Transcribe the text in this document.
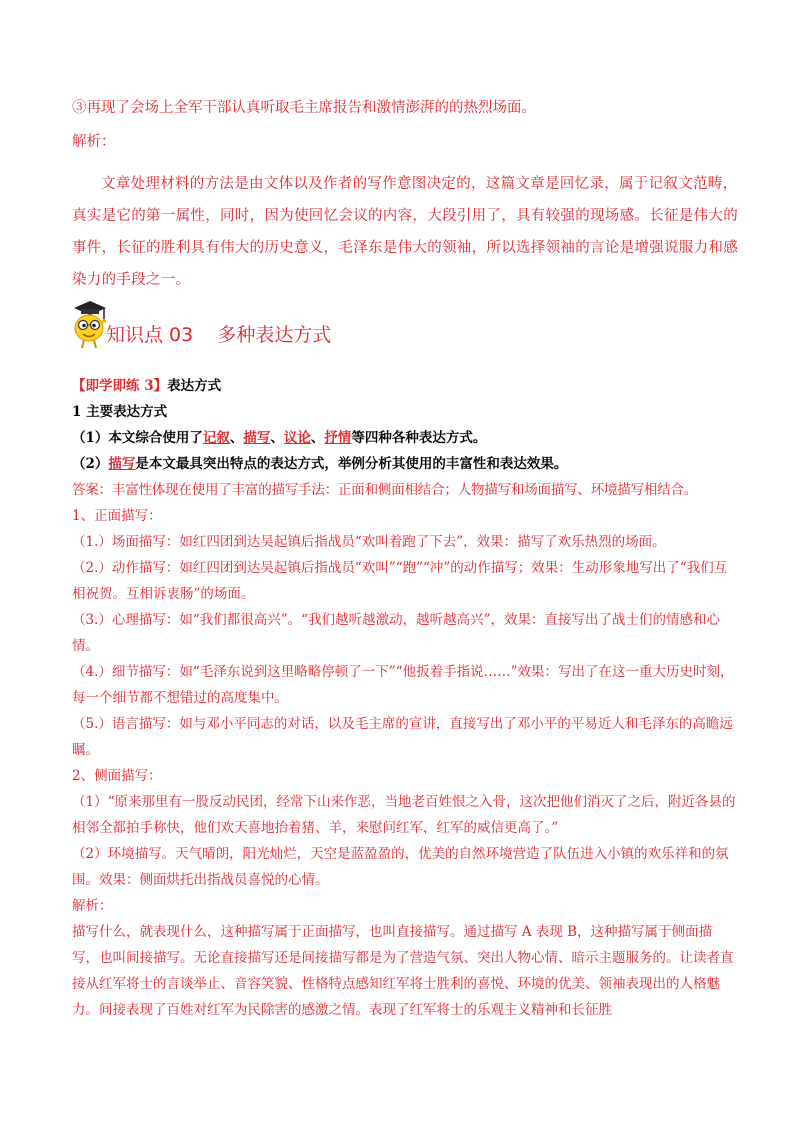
③再现了会场上全军干部认真听取毛主席报告和激情澎湃的的热烈场面。

解析：

文章处理材料的方法是由文体以及作者的写作意图决定的，这篇文章是回忆录，属于记叙文范畴，真实是它的第一属性，同时，因为使回忆会议的内容，大段引用了，具有较强的现场感。长征是伟大的事件，长征的胜利具有伟大的历史意义，毛泽东是伟大的领袖，所以选择领袖的言论是增强说服力和感染力的手段之一。

知识点 03    多种表达方式
【即学即练 3】表达方式
1 主要表达方式
（1）本文综合使用了记叙、描写、议论、抒情等四种各种表达方式。
（2）描写是本文最具突出特点的表达方式，举例分析其使用的丰富性和表达效果。
答案：丰富性体现在使用了丰富的描写手法：正面和侧面相结合；人物描写和场面描写、环境描写相结合。
1、正面描写：
（1.）场面描写：如红四团到达吴起镇后指战员“欢叫着跑了下去”，效果：描写了欢乐热烈的场面。
（2.）动作描写：如红四团到达吴起镇后指战员“欢叫”“跑”“冲”的动作描写；效果：生动形象地写出了“我们互相祝贺。互相诉衷肠”的场面。
（3.）心理描写：如“我们都很高兴”。“我们越听越激动，越听越高兴”，效果：直接写出了战士们的情感和心情。
（4.）细节描写：如“毛泽东说到这里略略停顿了一下”“他扳着手指说……”效果：写出了在这一重大历史时刻，每一个细节都不想错过的高度集中。
（5.）语言描写：如与邓小平同志的对话，以及毛主席的宣讲，直接写出了邓小平的平易近人和毛泽东的高瞻远瞩。
2、侧面描写：
（1）“原来那里有一股反动民团，经常下山来作恶，当地老百姓恨之入骨，这次把他们消灭了之后，附近各县的相邻全都拍手称快，他们欢天喜地抬着猪、羊，来慰问红军，红军的威信更高了。”
（2）环境描写。天气晴朗，阳光灿烂，天空是蓝盈盈的，优美的自然环境营造了队伍进入小镇的欢乐祥和的氛围。效果：侧面烘托出指战员喜悦的心情。
解析：
描写什么，就表现什么，这种描写属于正面描写，也叫直接描写。通过描写 A 表现 B，这种描写属于侧面描写，也叫间接描写。无论直接描写还是间接描写都是为了营造气氛、突出人物心情、暗示主题服务的。让读者直接从红军将士的言谈举止、音容笑貌、性格特点感知红军将士胜利的喜悦、环境的优美、领袖表现出的人格魅力。间接表现了百姓对红军为民除害的感激之情。表现了红军将士的乐观主义精神和长征胜
